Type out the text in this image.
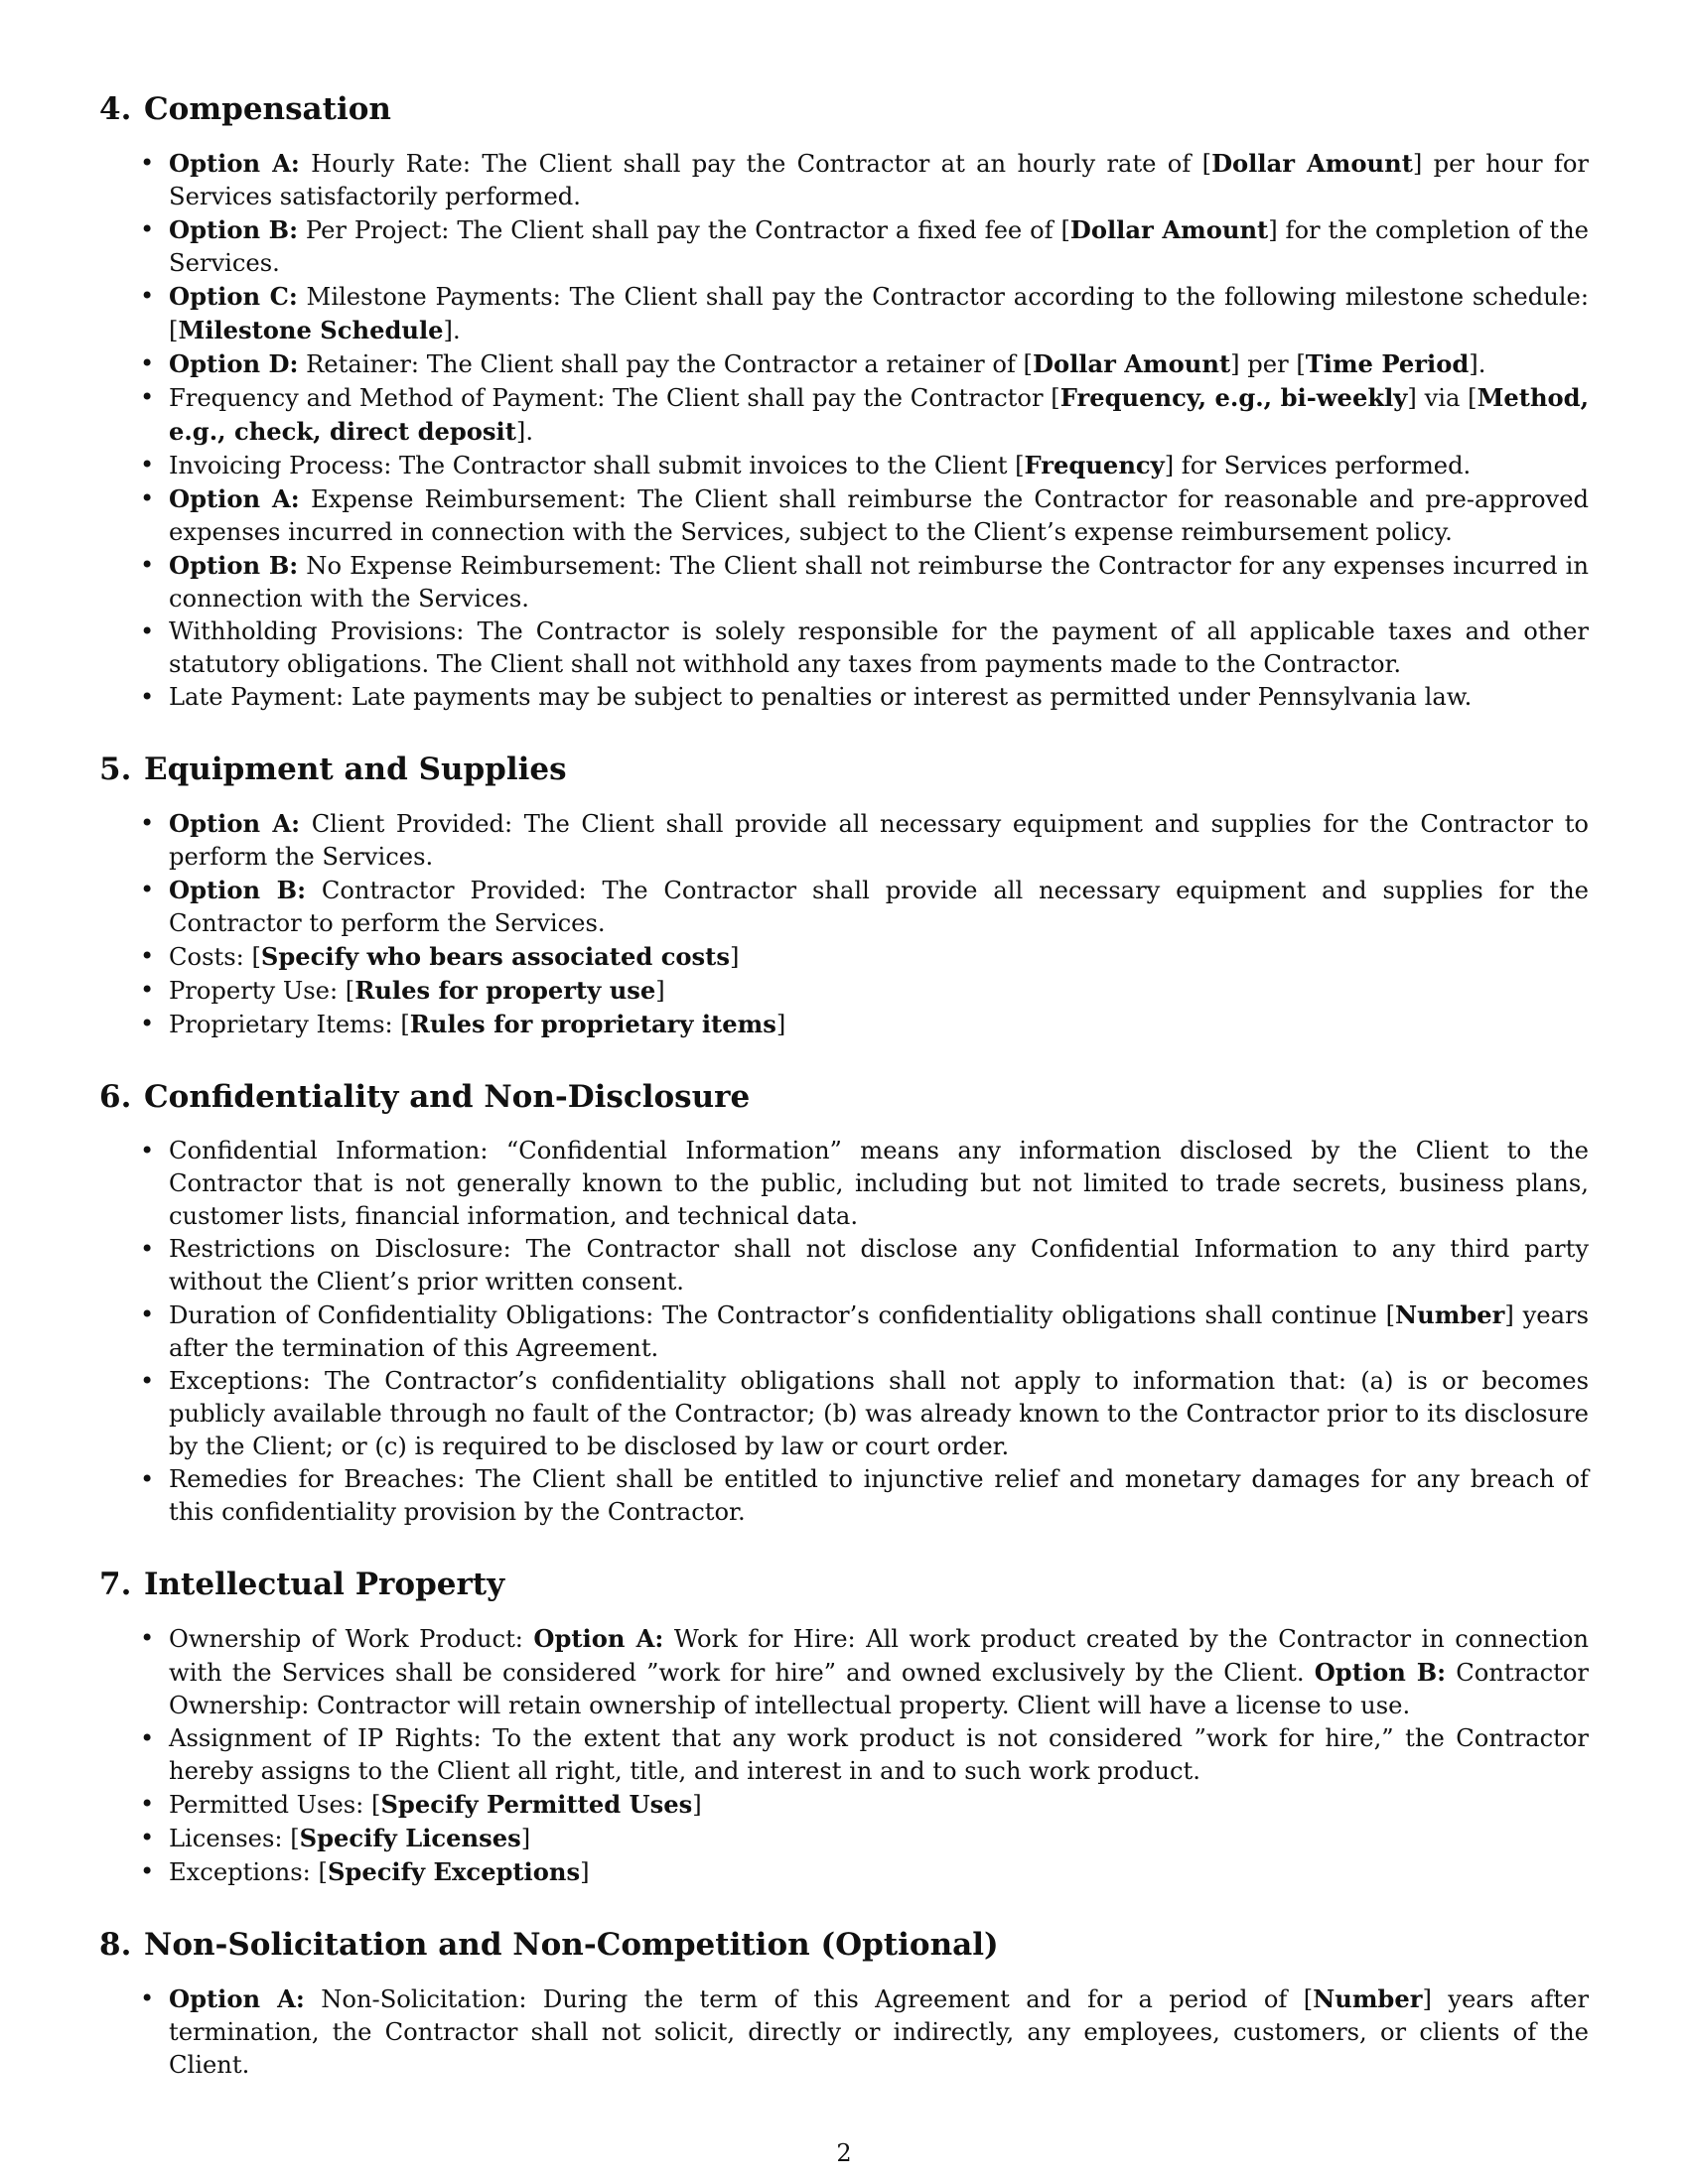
4. Compensation
• Option A: Hourly Rate: The Client shall pay the Contractor at an hourly rate of [Dollar Amount] per hour for Services satisfactorily performed.
• Option B: Per Project: The Client shall pay the Contractor a fixed fee of [Dollar Amount] for the completion of the Services.
• Option C: Milestone Payments: The Client shall pay the Contractor according to the following milestone schedule: [Milestone Schedule].
• Option D: Retainer: The Client shall pay the Contractor a retainer of [Dollar Amount] per [Time Period].
• Frequency and Method of Payment: The Client shall pay the Contractor [Frequency, e.g., bi-weekly] via [Method, e.g., check, direct deposit].
• Invoicing Process: The Contractor shall submit invoices to the Client [Frequency] for Services performed.
• Option A: Expense Reimbursement: The Client shall reimburse the Contractor for reasonable and pre-approved expenses incurred in connection with the Services, subject to the Client’s expense reimbursement policy.
• Option B: No Expense Reimbursement: The Client shall not reimburse the Contractor for any expenses incurred in connection with the Services.
• Withholding Provisions: The Contractor is solely responsible for the payment of all applicable taxes and other statutory obligations. The Client shall not withhold any taxes from payments made to the Contractor.
• Late Payment: Late payments may be subject to penalties or interest as permitted under Pennsylvania law.
5. Equipment and Supplies
• Option A: Client Provided: The Client shall provide all necessary equipment and supplies for the Contractor to perform the Services.
• Option B: Contractor Provided: The Contractor shall provide all necessary equipment and supplies for the Contractor to perform the Services.
• Costs: [Specify who bears associated costs]
• Property Use: [Rules for property use]
• Proprietary Items: [Rules for proprietary items]
6. Confidentiality and Non-Disclosure
• Confidential Information: “Confidential Information” means any information disclosed by the Client to the Contractor that is not generally known to the public, including but not limited to trade secrets, business plans, customer lists, financial information, and technical data.
• Restrictions on Disclosure: The Contractor shall not disclose any Confidential Information to any third party without the Client’s prior written consent.
• Duration of Confidentiality Obligations: The Contractor’s confidentiality obligations shall continue [Number] years after the termination of this Agreement.
• Exceptions: The Contractor’s confidentiality obligations shall not apply to information that: (a) is or becomes publicly available through no fault of the Contractor; (b) was already known to the Contractor prior to its disclosure by the Client; or (c) is required to be disclosed by law or court order.
• Remedies for Breaches: The Client shall be entitled to injunctive relief and monetary damages for any breach of this confidentiality provision by the Contractor.
7. Intellectual Property
• Ownership of Work Product: Option A: Work for Hire: All work product created by the Contractor in connection with the Services shall be considered ”work for hire” and owned exclusively by the Client. Option B: Contractor Ownership: Contractor will retain ownership of intellectual property. Client will have a license to use.
• Assignment of IP Rights: To the extent that any work product is not considered ”work for hire,” the Contractor hereby assigns to the Client all right, title, and interest in and to such work product.
• Permitted Uses: [Specify Permitted Uses]
• Licenses: [Specify Licenses]
• Exceptions: [Specify Exceptions]
8. Non-Solicitation and Non-Competition (Optional)
• Option A: Non-Solicitation: During the term of this Agreement and for a period of [Number] years after termination, the Contractor shall not solicit, directly or indirectly, any employees, customers, or clients of the Client.
2
